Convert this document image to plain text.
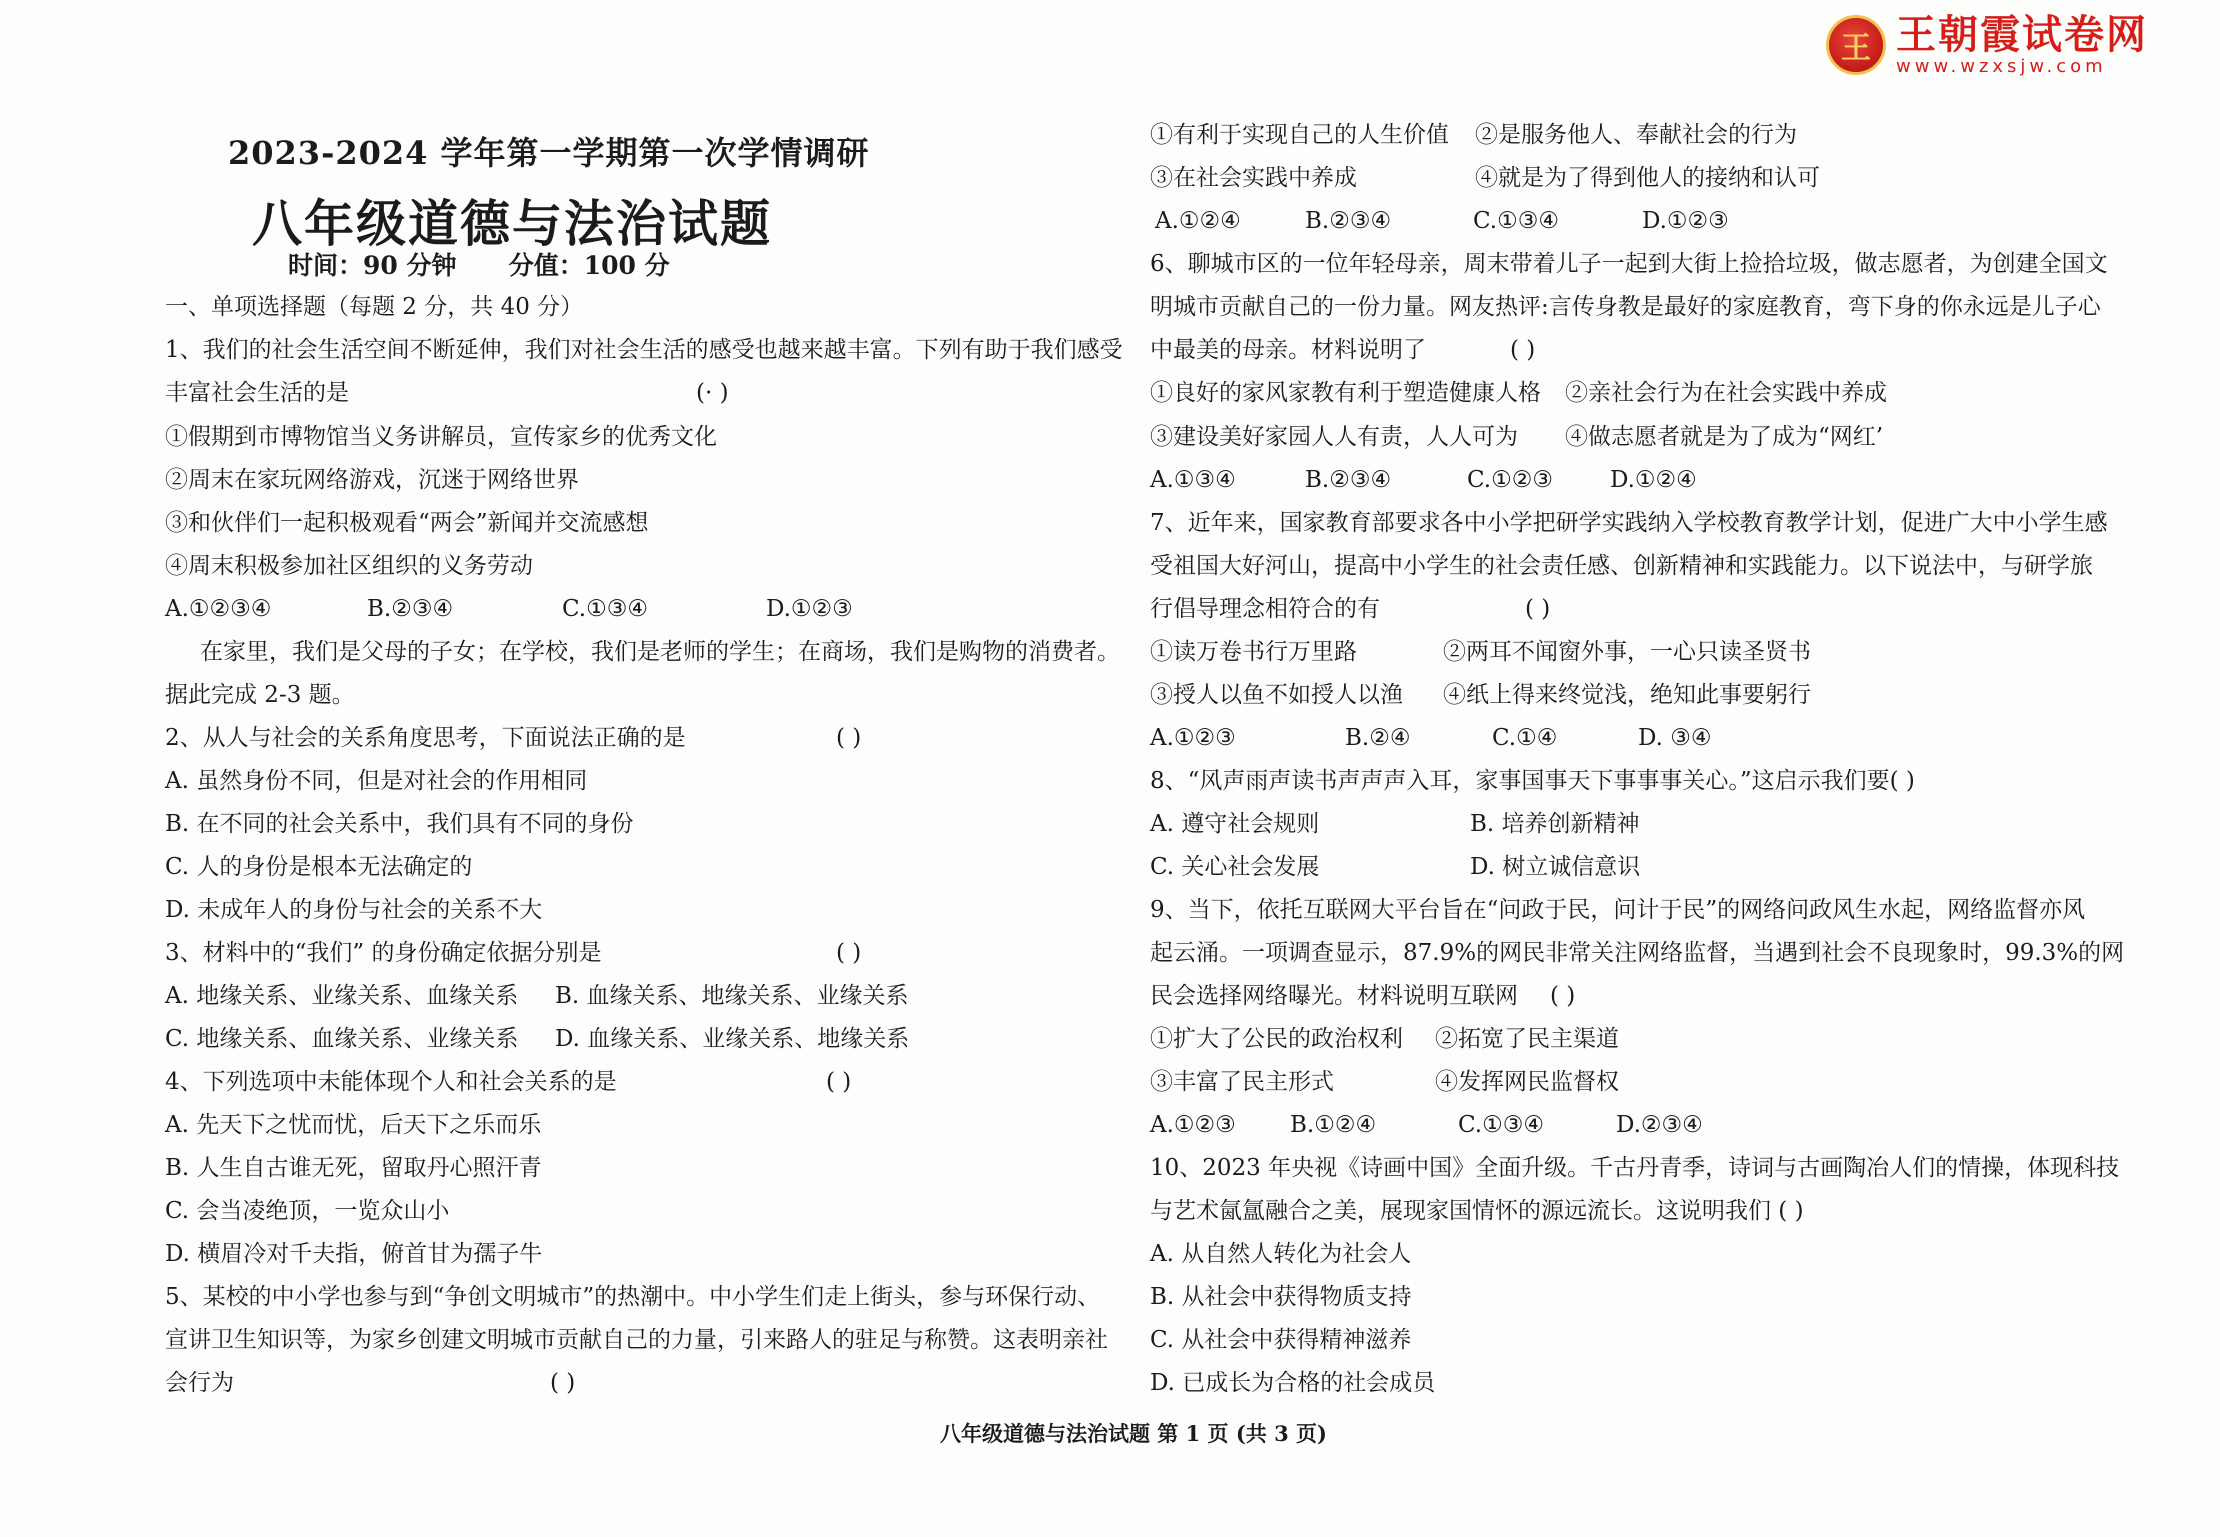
王 王朝霞试卷网
www.wzxsjw.com
2023-2024 学年第一学期第一次学情调研
八年级道德与法治试题
时间：90 分钟      分值：100 分
一、单项选择题（每题 2 分，共 40 分）
1、我们的社会生活空间不断延伸，我们对社会生活的感受也越来越丰富。下列有助于我们感受
丰富社会生活的是	(· )
①假期到市博物馆当义务讲解员，宣传家乡的优秀文化
②周末在家玩网络游戏，沉迷于网络世界
③和伙伴们一起积极观看“两会”新闻并交流感想
④周末积极参加社区组织的义务劳动
A.①②③④	B.②③④	C.①③④	D.①②③
在家里，我们是父母的子女；在学校，我们是老师的学生；在商场，我们是购物的消费者。
据此完成 2-3 题。
2、从人与社会的关系角度思考，下面说法正确的是	( )
A. 虽然身份不同，但是对社会的作用相同
B. 在不同的社会关系中，我们具有不同的身份
C. 人的身份是根本无法确定的
D. 未成年人的身份与社会的关系不大
3、材料中的“我们” 的身份确定依据分别是	( )
A. 地缘关系、业缘关系、血缘关系 B. 血缘关系、地缘关系、业缘关系
C. 地缘关系、血缘关系、业缘关系 D. 血缘关系、业缘关系、地缘关系
4、下列选项中未能体现个人和社会关系的是	( )
A. 先天下之忧而忧，后天下之乐而乐
B. 人生自古谁无死，留取丹心照汗青
C. 会当凌绝顶，一览众山小
D. 横眉冷对千夫指，俯首甘为孺子牛
5、某校的中小学也参与到“争创文明城市”的热潮中。中小学生们走上街头，参与环保行动、
宣讲卫生知识等，为家乡创建文明城市贡献自己的力量，引来路人的驻足与称赞。这表明亲社
会行为	( )
①有利于实现自己的人生价值 ②是服务他人、奉献社会的行为
③在社会实践中养成	④就是为了得到他人的接纳和认可
A.①②④	B.②③④	C.①③④	D.①②③
6、聊城市区的一位年轻母亲，周末带着儿子一起到大街上捡拾垃圾，做志愿者，为创建全国文
明城市贡献自己的一份力量。网友热评:言传身教是最好的家庭教育，弯下身的你永远是儿子心
中最美的母亲。材料说明了	( )
①良好的家风家教有利于塑造健康人格 ②亲社会行为在社会实践中养成
③建设美好家园人人有责，人人可为 ④做志愿者就是为了成为“网红’
A.①③④	B.②③④	C.①②③ D.①②④
7、近年来，国家教育部要求各中小学把研学实践纳入学校教育教学计划，促进广大中小学生感
受祖国大好河山，提高中小学生的社会责任感、创新精神和实践能力。以下说法中，与研学旅
行倡导理念相符合的有	( )
①读万卷书行万里路	②两耳不闻窗外事，一心只读圣贤书
③授人以鱼不如授人以渔 ④纸上得来终觉浅，绝知此事要躬行
A.①②③	B.②④	C.①④	D. ③④
8、“风声雨声读书声声声入耳，家事国事天下事事事关心。”这启示我们要( )
A. 遵守社会规则	B. 培养创新精神
C. 关心社会发展	D. 树立诚信意识
9、当下，依托互联网大平台旨在“问政于民，问计于民”的网络问政风生水起，网络监督亦风
起云涌。一项调查显示，87.9%的网民非常关注网络监督，当遇到社会不良现象时，99.3%的网
民会选择网络曝光。材料说明互联网 ( )
①扩大了公民的政治权利 ②拓宽了民主渠道
③丰富了民主形式	④发挥网民监督权
A.①②③ B.①②④	C.①③④	D.②③④
10、2023 年央视《诗画中国》全面升级。千古丹青季，诗词与古画陶冶人们的情操，体现科技
与艺术氤氲融合之美，展现家国情怀的源远流长。这说明我们 ( )
A. 从自然人转化为社会人
B. 从社会中获得物质支持
C. 从社会中获得精神滋养
D. 已成长为合格的社会成员
八年级道德与法治试题 第 1 页 (共 3 页)
